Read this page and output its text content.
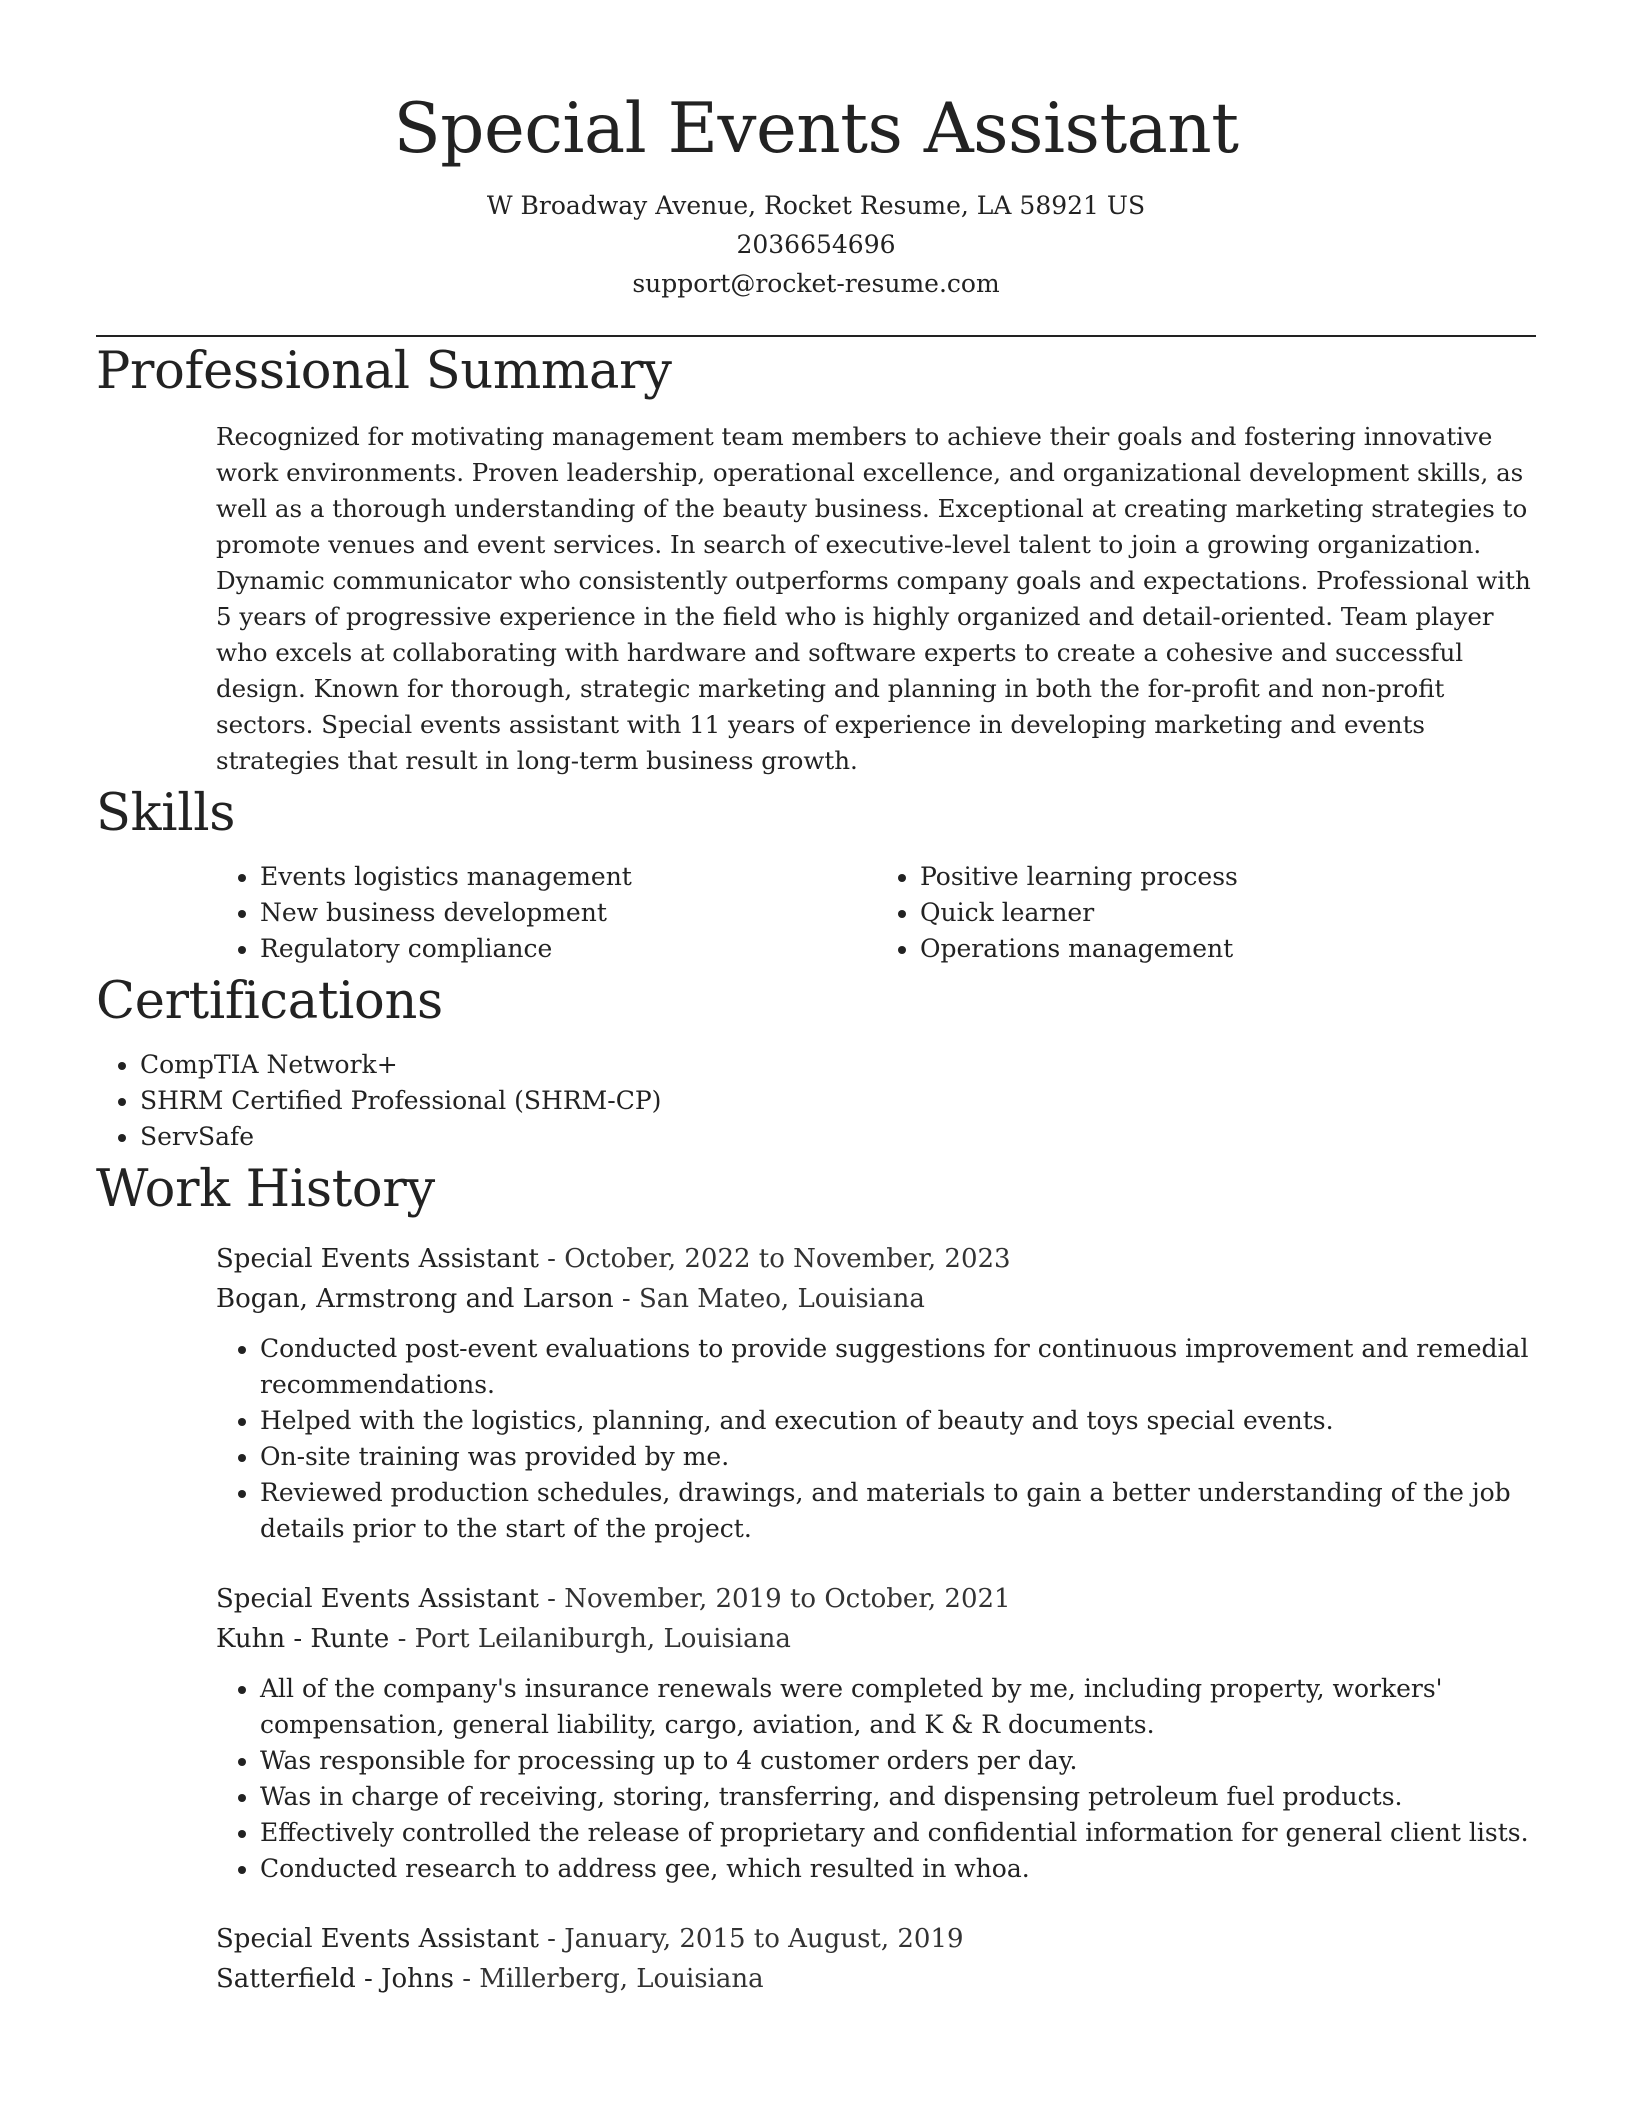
Special Events Assistant
W Broadway Avenue, Rocket Resume, LA 58921 US
2036654696
support@rocket-resume.com
Professional Summary

Recognized for motivating management team members to achieve their goals and fostering innovative work environments. Proven leadership, operational excellence, and organizational development skills, as well as a thorough understanding of the beauty business. Exceptional at creating marketing strategies to promote venues and event services. In search of executive-level talent to join a growing organization. Dynamic communicator who consistently outperforms company goals and expectations. Professional with 5 years of progressive experience in the field who is highly organized and detail-oriented. Team player who excels at collaborating with hardware and software experts to create a cohesive and successful design. Known for thorough, strategic marketing and planning in both the for-profit and non-profit sectors. Special events assistant with 11 years of experience in developing marketing and events strategies that result in long-term business growth.

Skills
• Events logistics management
• New business development
• Regulatory compliance
• Positive learning process
• Quick learner
• Operations management
Certifications
• CompTIA Network+
• SHRM Certified Professional (SHRM-CP)
• ServSafe
Work History
Special Events Assistant - October, 2022 to November, 2023
Bogan, Armstrong and Larson - San Mateo, Louisiana
• Conducted post-event evaluations to provide suggestions for continuous improvement and remedial recommendations.
• Helped with the logistics, planning, and execution of beauty and toys special events.
• On-site training was provided by me.
• Reviewed production schedules, drawings, and materials to gain a better understanding of the job details prior to the start of the project.
Special Events Assistant - November, 2019 to October, 2021
Kuhn - Runte - Port Leilaniburgh, Louisiana
• All of the company's insurance renewals were completed by me, including property, workers' compensation, general liability, cargo, aviation, and K & R documents.
• Was responsible for processing up to 4 customer orders per day.
• Was in charge of receiving, storing, transferring, and dispensing petroleum fuel products.
• Effectively controlled the release of proprietary and confidential information for general client lists.
• Conducted research to address gee, which resulted in whoa.
Special Events Assistant - January, 2015 to August, 2019
Satterfield - Johns - Millerberg, Louisiana
